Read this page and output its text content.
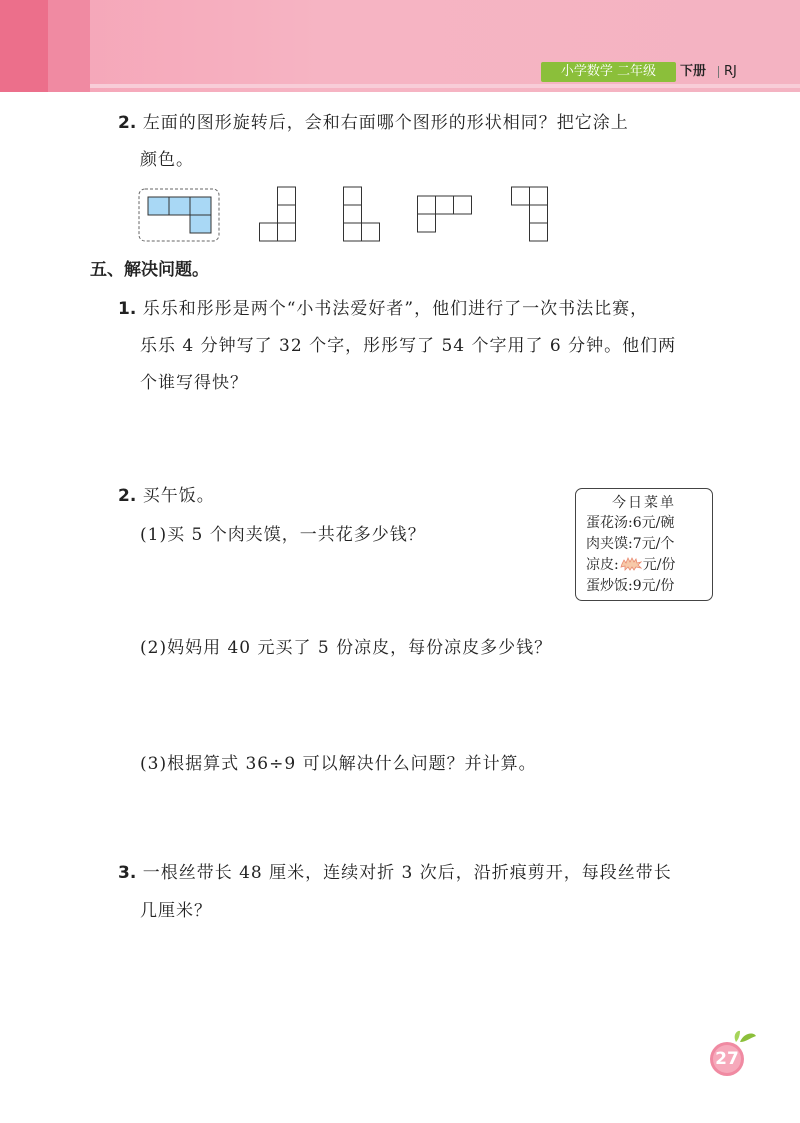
小学数学 二年级	下册 RJ
2. 左面的图形旋转后，会和右面哪个图形的形状相同？把它涂上
颜色。
五、解决问题。
1. 乐乐和彤彤是两个“小书法爱好者”，他们进行了一次书法比赛，
乐乐 4 分钟写了 32 个字，彤彤写了 54 个字用了 6 分钟。他们两
个谁写得快？
2. 买午饭。
(1)买 5 个肉夹馍，一共花多少钱？
(2)妈妈用 40 元买了 5 份凉皮，每份凉皮多少钱？
(3)根据算式 36÷9 可以解决什么问题？并计算。
今日菜单
蛋花汤:6元/碗
肉夹馍:7元/个
凉皮: 元/份
蛋炒饭:9元/份
3. 一根丝带长 48 厘米，连续对折 3 次后，沿折痕剪开，每段丝带长
几厘米？
27
